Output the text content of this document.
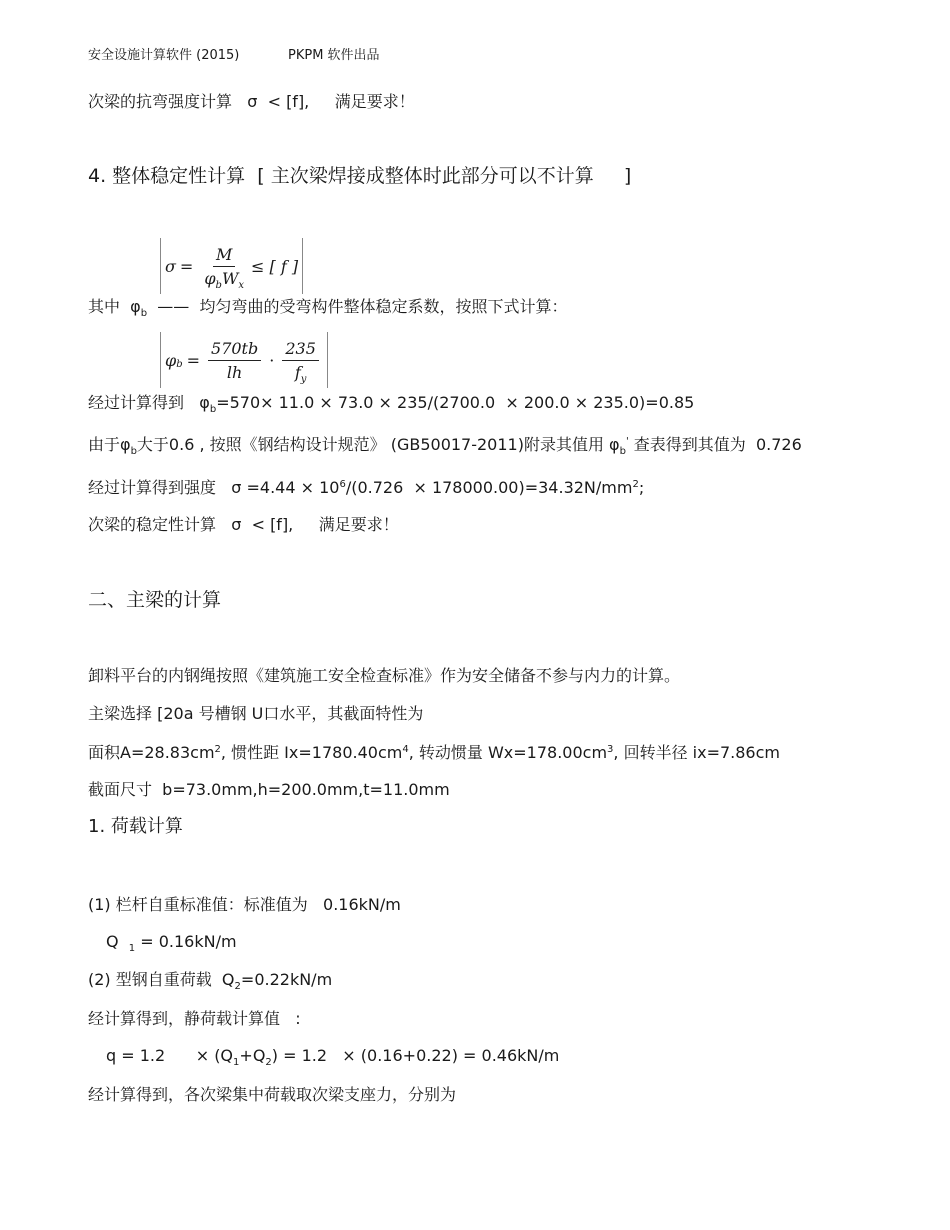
安全设施计算软件 (2015)	PKPM 软件出品
次梁的抗弯强度计算   σ  < [f],     满足要求！
4. 整体稳定性计算  [ 主次梁焊接成整体时此部分可以不计算     ]
$\sigma = \frac{M}{\varphi_bW_x}$ ≤ [ f ]
其中  $\varphi_b$  ——  均匀弯曲的受弯构件整体稳定系数，按照下式计算：
$\varphi_b = \frac{570tb}{lh} \cdot \frac{235}{f_y}$
经过计算得到   $\varphi_b=570\times 11.0 \times 73.0 \times 235/(2700.0 \times 200.0 \times 235.0)=0.85$
由于$\varphi_b$大于0.6 , 按照《钢结构设计规范》 (GB50017-2011)附录其值用 $\varphi_b'$ 查表得到其值为  0.726
经过计算得到强度   $\sigma =4.44 \times 10^6/(0.726 \times 178000.00)=34.32N/mm^2$;
次梁的稳定性计算   σ  < [f],     满足要求！
二、主梁的计算
卸料平台的内钢绳按照《建筑施工安全检查标准》作为安全储备不参与内力的计算。
主梁选择 [20a 号槽钢 U口水平，其截面特性为
面积$A=28.83cm^2$, 惯性距 $Ix=1780.40cm^4$, 转动惯量 $Wx=178.00cm^3$, 回转半径 ix=7.86cm
截面尺寸  b=73.0mm,h=200.0mm,t=11.0mm
1. 荷载计算
(1) 栏杆自重标准值：标准值为   0.16kN/m
Q  $_1$ = 0.16kN/m
(2) 型钢自重荷载  $Q_2=0.22kN/m$
经计算得到，静荷载计算值   :
q = 1.2      × $(Q_1+Q_2) = 1.2 \times (0.16+0.22) = 0.46kN/m$
经计算得到，各次梁集中荷载取次梁支座力，分别为
